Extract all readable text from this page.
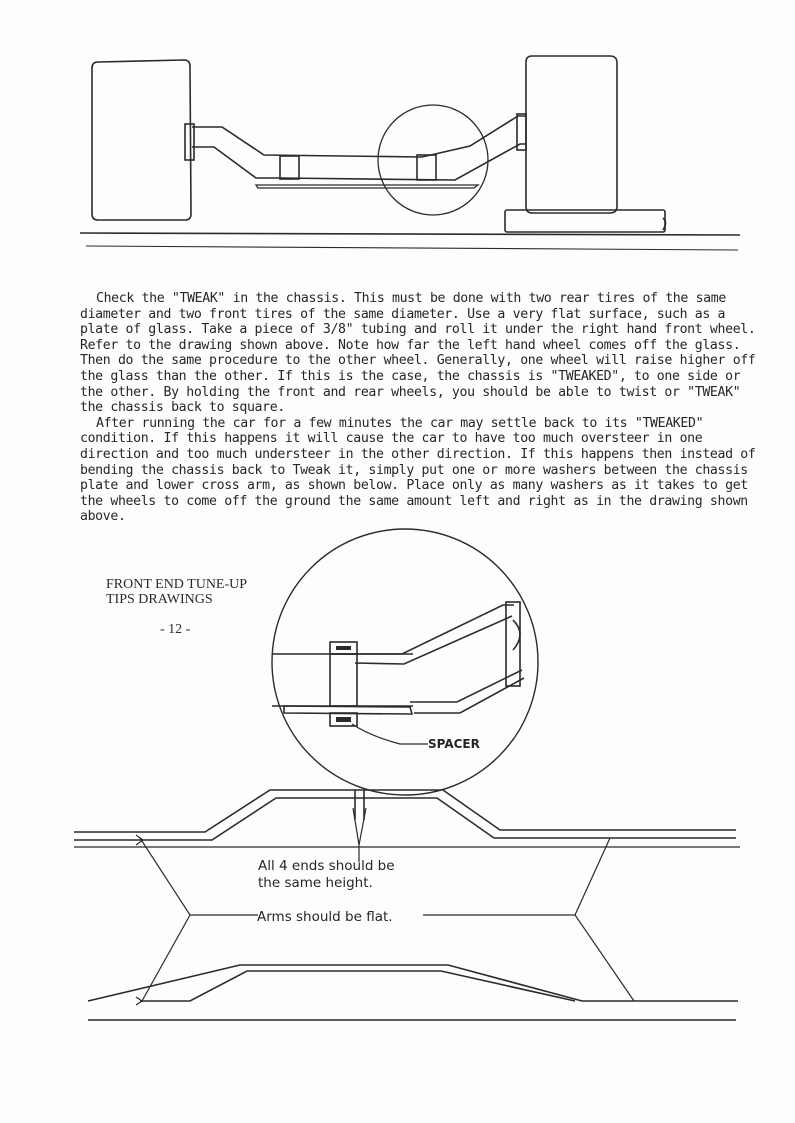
Check the "TWEAK" in the chassis. This must be done with two rear tires of the same diameter and two front tires of the same diameter. Use a very flat surface, such as a plate of glass. Take a piece of 3/8" tubing and roll it under the right hand front wheel. Refer to the drawing shown above. Note how far the left hand wheel comes off the glass. Then do the same procedure to the other wheel. Generally, one wheel will raise higher off the glass than the other. If this is the case, the chassis is "TWEAKED", to one side or the other. By holding the front and rear wheels, you should be able to twist or "TWEAK" the chassis back to square.

After running the car for a few minutes the car may settle back to its "TWEAKED" condition. If this happens it will cause the car to have too much oversteer in one direction and too much understeer in the other direction. If this happens then instead of bending the chassis back to Tweak it, simply put one or more washers between the chassis plate and lower cross arm, as shown below. Place only as many washers as it takes to get the wheels to come off the ground the same amount left and right as in the drawing shown above.

FRONT END TUNE-UP
TIPS DRAWINGS
- 12 -
SPACER
All 4 ends should be
the same height.
Arms should be flat.
